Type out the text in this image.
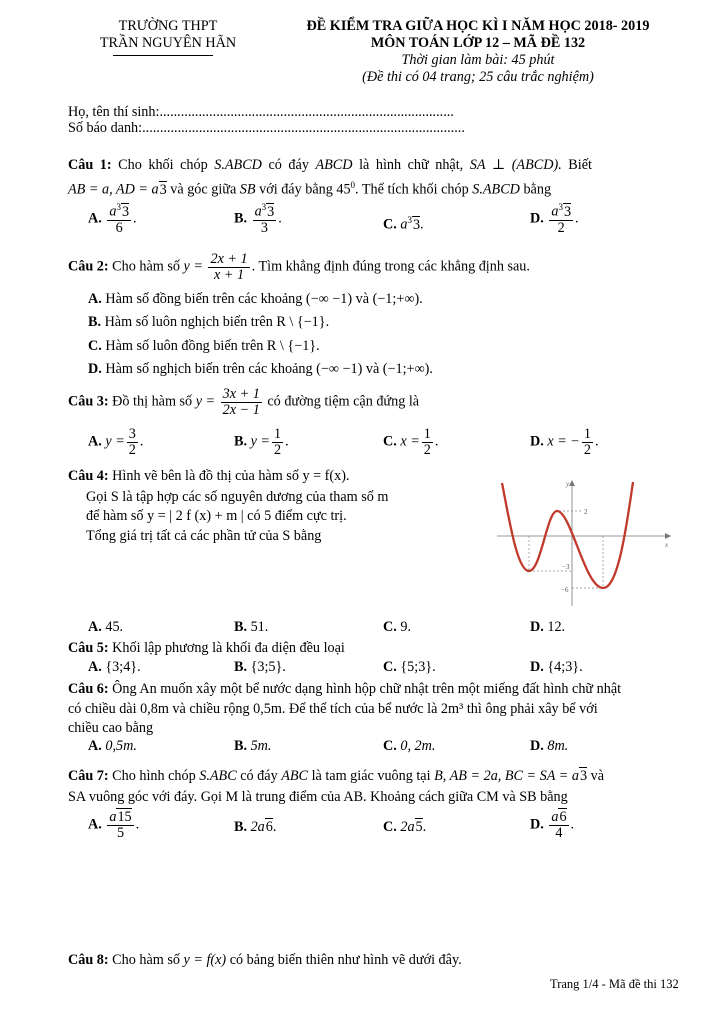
TRƯỜNG THPT
TRẦN NGUYÊN HÃN
ĐỀ KIỂM TRA GIỮA HỌC KÌ I NĂM HỌC 2018- 2019
MÔN TOÁN LỚP 12 – MÃ ĐỀ 132
Thời gian làm bài: 45 phút
(Đề thi có 04 trang; 25 câu trắc nghiệm)
Họ, tên thí sinh:...................................................................................
Số báo danh:...........................................................................................
Câu 1: Cho khối chóp S.ABCD có đáy ABCD là hình chữ nhật, SA ⊥ (ABCD). Biết
AB = a, AD = a3 và góc giữa SB với đáy bằng $45^0$. Thể tích khối chóp S.ABCD bằng
A. $\frac{a^33}{6}$ .	B. $\frac{a^33}{3}$ .	C. $a^33$.	D. $\frac{a^33}{2}$ .
Câu 2: Cho hàm số $y = \frac{2x + 1}{x + 1}$ . Tìm khẳng định đúng trong các khẳng định sau.
A. Hàm số đồng biến trên các khoảng (−∞ −1) và (−1;+∞).
B. Hàm số luôn nghịch biến trên R \ {−1}.
C. Hàm số luôn đồng biến trên R \ {−1}.
D. Hàm số nghịch biến trên các khoảng (−∞ −1) và (−1;+∞).
Câu 3: Đồ thị hàm số $y = \frac{3x + 1}{2x - 1}$ có đường tiệm cận đứng là
A. $y = \frac{3}{2}$ .	B. $y = \frac{1}{2}$ .	C. $x = \frac{1}{2}$ .	D. x = − $\frac{1}{2}$ .
Câu 4: Hình vẽ bên là đồ thị của hàm số y = f(x).
Gọi S là tập hợp các số nguyên dương của tham số m
để hàm số y = | 2 f (x) + m | có 5 điểm cực trị.
Tổng giá trị tất cả các phần tử của S bằng
y
x
2
−3
−6
A. 45.	B. 51.	C. 9.	D. 12.
Câu 5: Khối lập phương là khối đa diện đều loại
A. {3;4}.	B. {3;5}.	C. {5;3}.	D. {4;3}.
Câu 6: Ông An muốn xây một bể nước dạng hình hộp chữ nhật trên một miếng đất hình chữ nhật
có chiều dài 0,8m và chiều rộng 0,5m. Để thể tích của bể nước là 2m³ thì ông phải xây bể với
chiều cao bằng
A. 0,5m.	B. 5m.	C. 0, 2m.	D. 8m.
Câu 7: Cho hình chóp S.ABC có đáy ABC là tam giác vuông tại B, AB = 2a, BC = SA = a3 và
SA vuông góc với đáy. Gọi M là trung điểm của AB. Khoảng cách giữa CM và SB bằng
A. $\frac{a15}{5}$ .	B. 2a6.	C. 2a5.	D. $\frac{a6}{4}$ .
Câu 8: Cho hàm số y = f(x) có bảng biến thiên như hình vẽ dưới đây.
Trang 1/4 - Mã đề thi 132
